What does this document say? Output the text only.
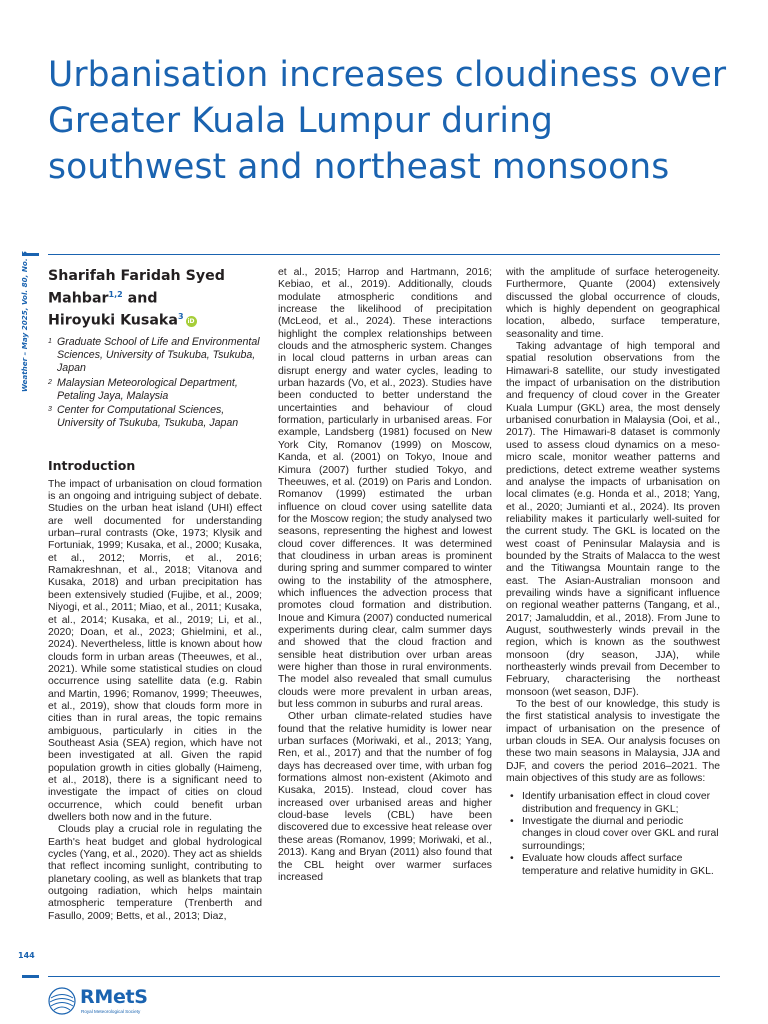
Urbanisation increases cloudiness over Greater Kuala Lumpur during southwest and northeast monsoons
Weather – May 2025, Vol. 80, No. 5 Sharifah Faridah Syed
Mahbar$^{1,2}$ and
Hiroyuki Kusaka$^3$iD
1 Graduate School of Life and Environmental Sciences, University of Tsukuba, Tsukuba, Japan
2 Malaysian Meteorological Department, Petaling Jaya, Malaysia
3 Center for Computational Sciences, University of Tsukuba, Tsukuba, Japan
Introduction

The impact of urbanisation on cloud formation is an ongoing and intriguing subject of debate. Studies on the urban heat island (UHI) effect are well documented for understanding urban–rural contrasts (Oke, 1973; Klysik and Fortuniak, 1999; Kusaka, et al., 2000; Kusaka, et al., 2012; Morris, et al., 2016; Ramakreshnan, et al., 2018; Vitanova and Kusaka, 2018) and urban precipitation has been extensively studied (Fujibe, et al., 2009; Niyogi, et al., 2011; Miao, et al., 2011; Kusaka, et al., 2014; Kusaka, et al., 2019; Li, et al., 2020; Doan, et al., 2023; Ghielmini, et al., 2024). Nevertheless, little is known about how clouds form in urban areas (Theeuwes, et al., 2021). While some statistical studies on cloud occurrence using satellite data (e.g. Rabin and Martin, 1996; Romanov, 1999; Theeuwes, et al., 2019), show that clouds form more in cities than in rural areas, the topic remains ambiguous, particularly in cities in the Southeast Asia (SEA) region, which have not been investigated at all. Given the rapid population growth in cities globally (Haimeng, et al., 2018), there is a significant need to investigate the impact of cities on cloud occurrence, which could benefit urban dwellers both now and in the future.

Clouds play a crucial role in regulating the Earth's heat budget and global hydrological cycles (Yang, et al., 2020). They act as shields that reflect incoming sunlight, contributing to planetary cooling, as well as blankets that trap outgoing radiation, which helps maintain atmospheric temperature (Trenberth and Fasullo, 2009; Betts, et al., 2013; Diaz,

et al., 2015; Harrop and Hartmann, 2016; Kebiao, et al., 2019). Additionally, clouds modulate atmospheric conditions and increase the likelihood of precipitation (McLeod, et al., 2024). These interactions highlight the complex relationships between clouds and the atmospheric system. Changes in local cloud patterns in urban areas can disrupt energy and water cycles, leading to urban hazards (Vo, et al., 2023). Studies have been conducted to better understand the uncertainties and behaviour of cloud formation, particularly in urbanised areas. For example, Landsberg (1981) focused on New York City, Romanov (1999) on Moscow, Kanda, et al. (2001) on Tokyo, Inoue and Kimura (2007) further studied Tokyo, and Theeuwes, et al. (2019) on Paris and London. Romanov (1999) estimated the urban influence on cloud cover using satellite data for the Moscow region; the study analysed two seasons, representing the highest and lowest cloud cover differences. It was determined that cloudiness in urban areas is prominent during spring and summer compared to winter owing to the instability of the atmosphere, which influences the advection process that promotes cloud formation and distribution. Inoue and Kimura (2007) conducted numerical experiments during clear, calm summer days and showed that the cloud fraction and sensible heat distribution over urban areas were higher than those in rural environments. The model also revealed that small cumulus clouds were more prevalent in urban areas, but less common in suburbs and rural areas.

Other urban climate-related studies have found that the relative humidity is lower near urban surfaces (Moriwaki, et al., 2013; Yang, Ren, et al., 2017) and that the number of fog days has decreased over time, with urban fog formations almost non-existent (Akimoto and Kusaka, 2015). Instead, cloud cover has increased over urbanised areas and higher cloud-base levels (CBL) have been discovered due to excessive heat release over these areas (Romanov, 1999; Moriwaki, et al., 2013). Kang and Bryan (2011) also found that the CBL height over warmer surfaces increased

with the amplitude of surface heterogeneity. Furthermore, Quante (2004) extensively discussed the global occurrence of clouds, which is highly dependent on geographical location, albedo, surface temperature, seasonality and time.

Taking advantage of high temporal and spatial resolution observations from the Himawari-8 satellite, our study investigated the impact of urbanisation on the distribution and frequency of cloud cover in the Greater Kuala Lumpur (GKL) area, the most densely urbanised conurbation in Malaysia (Ooi, et al., 2017). The Himawari-8 dataset is commonly used to assess cloud dynamics on a meso-micro scale, monitor weather patterns and predictions, detect extreme weather systems and analyse the impacts of urbanisation on local climates (e.g. Honda et al., 2018; Yang, et al., 2020; Jumianti et al., 2024). Its proven reliability makes it particularly well-suited for the current study. The GKL is located on the west coast of Peninsular Malaysia and is bounded by the Straits of Malacca to the west and the Titiwangsa Mountain range to the east. The Asian-Australian monsoon and prevailing winds have a significant influence on regional weather patterns (Tangang, et al., 2017; Jamaluddin, et al., 2018). From June to August, southwesterly winds prevail in the region, which is known as the southwest monsoon (dry season, JJA), while northeasterly winds prevail from December to February, characterising the northeast monsoon (wet season, DJF).

To the best of our knowledge, this study is the first statistical analysis to investigate the impact of urbanisation on the presence of urban clouds in SEA. Our analysis focuses on these two main seasons in Malaysia, JJA and DJF, and covers the period 2016–2021. The main objectives of this study are as follows:

• Identify urbanisation effect in cloud cover distribution and frequency in GKL;
• Investigate the diurnal and periodic changes in cloud cover over GKL and rural surroundings;
• Evaluate how clouds affect surface temperature and relative humidity in GKL.
144
RMetS
Royal Meteorological Society
